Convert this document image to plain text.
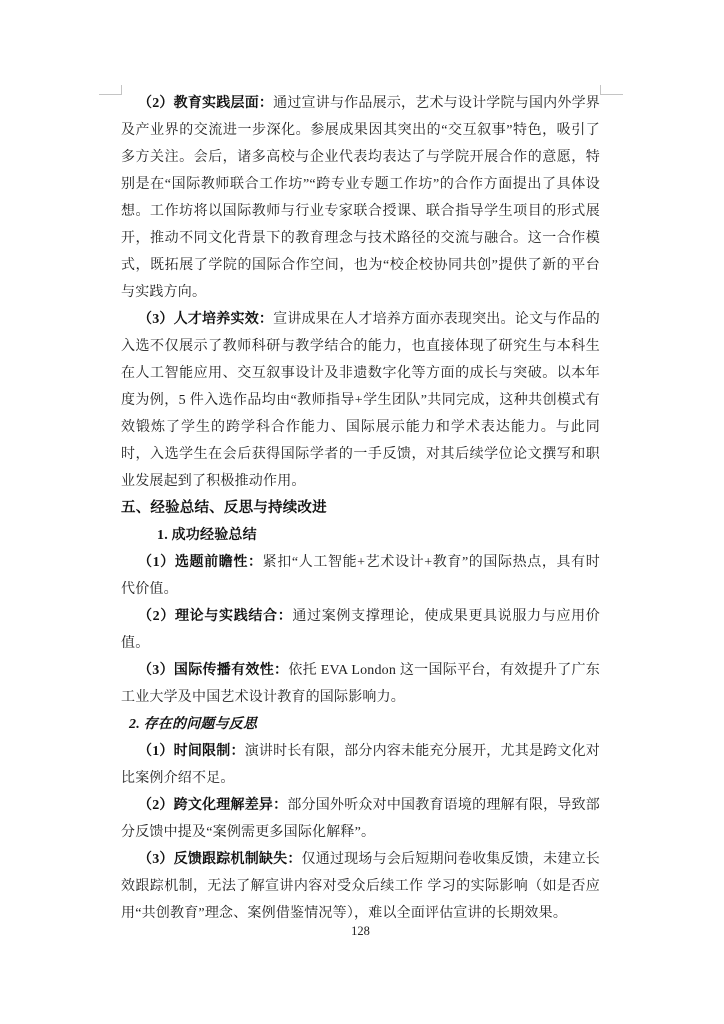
（2）教育实践层面：通过宣讲与作品展示，艺术与设计学院与国内外学界及产业界的交流进一步深化。参展成果因其突出的“交互叙事”特色，吸引了多方关注。会后，诸多高校与企业代表均表达了与学院开展合作的意愿，特别是在“国际教师联合工作坊”“跨专业专题工作坊”的合作方面提出了具体设想。工作坊将以国际教师与行业专家联合授课、联合指导学生项目的形式展开，推动不同文化背景下的教育理念与技术路径的交流与融合。这一合作模式，既拓展了学院的国际合作空间，也为“校企校协同共创”提供了新的平台与实践方向。

（3）人才培养实效：宣讲成果在人才培养方面亦表现突出。论文与作品的入选不仅展示了教师科研与教学结合的能力，也直接体现了研究生与本科生在人工智能应用、交互叙事设计及非遗数字化等方面的成长与突破。以本年度为例，5 件入选作品均由“教师指导+学生团队”共同完成，这种共创模式有效锻炼了学生的跨学科合作能力、国际展示能力和学术表达能力。与此同时，入选学生在会后获得国际学者的一手反馈，对其后续学位论文撰写和职业发展起到了积极推动作用。

五、经验总结、反思与持续改进
1. 成功经验总结

（1）选题前瞻性：紧扣“人工智能+艺术设计+教育”的国际热点，具有时代价值。

（2）理论与实践结合：通过案例支撑理论，使成果更具说服力与应用价值。

（3）国际传播有效性：依托 EVA London 这一国际平台，有效提升了广东工业大学及中国艺术设计教育的国际影响力。

2. 存在的问题与反思

（1）时间限制：演讲时长有限，部分内容未能充分展开，尤其是跨文化对比案例介绍不足。

（2）跨文化理解差异：部分国外听众对中国教育语境的理解有限，导致部分反馈中提及“案例需更多国际化解释”。

（3）反馈跟踪机制缺失：仅通过现场与会后短期问卷收集反馈，未建立长效跟踪机制，无法了解宣讲内容对受众后续工作 学习的实际影响（如是否应用“共创教育”理念、案例借鉴情况等），难以全面评估宣讲的长期效果。

128
